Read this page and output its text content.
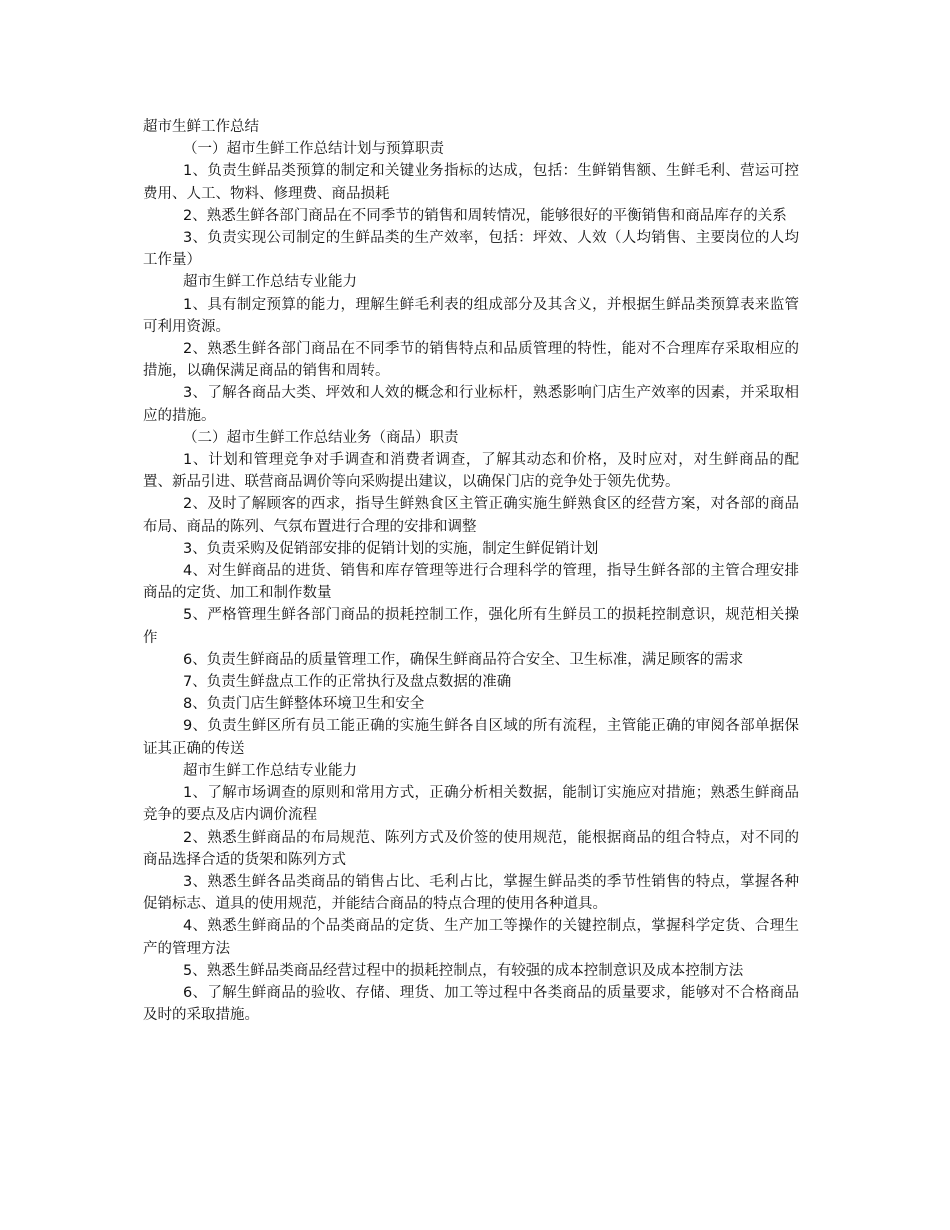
超市生鲜工作总结

（一）超市生鲜工作总结计划与预算职责

1、负责生鲜品类预算的制定和关键业务指标的达成，包括：生鲜销售额、生鲜毛利、营运可控费用、人工、物料、修理费、商品损耗

2、熟悉生鲜各部门商品在不同季节的销售和周转情况，能够很好的平衡销售和商品库存的关系

3、负责实现公司制定的生鲜品类的生产效率，包括：坪效、人效（人均销售、主要岗位的人均工作量）

超市生鲜工作总结专业能力

1、具有制定预算的能力，理解生鲜毛利表的组成部分及其含义，并根据生鲜品类预算表来监管可利用资源。

2、熟悉生鲜各部门商品在不同季节的销售特点和品质管理的特性，能对不合理库存采取相应的措施，以确保满足商品的销售和周转。

3、了解各商品大类、坪效和人效的概念和行业标杆，熟悉影响门店生产效率的因素，并采取相应的措施。

（二）超市生鲜工作总结业务（商品）职责

1、计划和管理竞争对手调查和消费者调查，了解其动态和价格，及时应对，对生鲜商品的配置、新品引进、联营商品调价等向采购提出建议，以确保门店的竞争处于领先优势。

2、及时了解顾客的西求，指导生鲜熟食区主管正确实施生鲜熟食区的经营方案，对各部的商品布局、商品的陈列、气氛布置进行合理的安排和调整

3、负责采购及促销部安排的促销计划的实施，制定生鲜促销计划

4、对生鲜商品的进货、销售和库存管理等进行合理科学的管理，指导生鲜各部的主管合理安排商品的定货、加工和制作数量

5、严格管理生鲜各部门商品的损耗控制工作，强化所有生鲜员工的损耗控制意识，规范相关操作

6、负责生鲜商品的质量管理工作，确保生鲜商品符合安全、卫生标准，满足顾客的需求

7、负责生鲜盘点工作的正常执行及盘点数据的准确

8、负责门店生鲜整体环境卫生和安全

9、负责生鲜区所有员工能正确的实施生鲜各自区域的所有流程，主管能正确的审阅各部单据保证其正确的传送

超市生鲜工作总结专业能力

1、了解市场调查的原则和常用方式，正确分析相关数据，能制订实施应对措施；熟悉生鲜商品竞争的要点及店内调价流程

2、熟悉生鲜商品的布局规范、陈列方式及价签的使用规范，能根据商品的组合特点，对不同的商品选择合适的货架和陈列方式

3、熟悉生鲜各品类商品的销售占比、毛利占比，掌握生鲜品类的季节性销售的特点，掌握各种促销标志、道具的使用规范，并能结合商品的特点合理的使用各种道具。

4、熟悉生鲜商品的个品类商品的定货、生产加工等操作的关键控制点，掌握科学定货、合理生产的管理方法

5、熟悉生鲜品类商品经营过程中的损耗控制点，有较强的成本控制意识及成本控制方法

6、了解生鲜商品的验收、存储、理货、加工等过程中各类商品的质量要求，能够对不合格商品及时的采取措施。
